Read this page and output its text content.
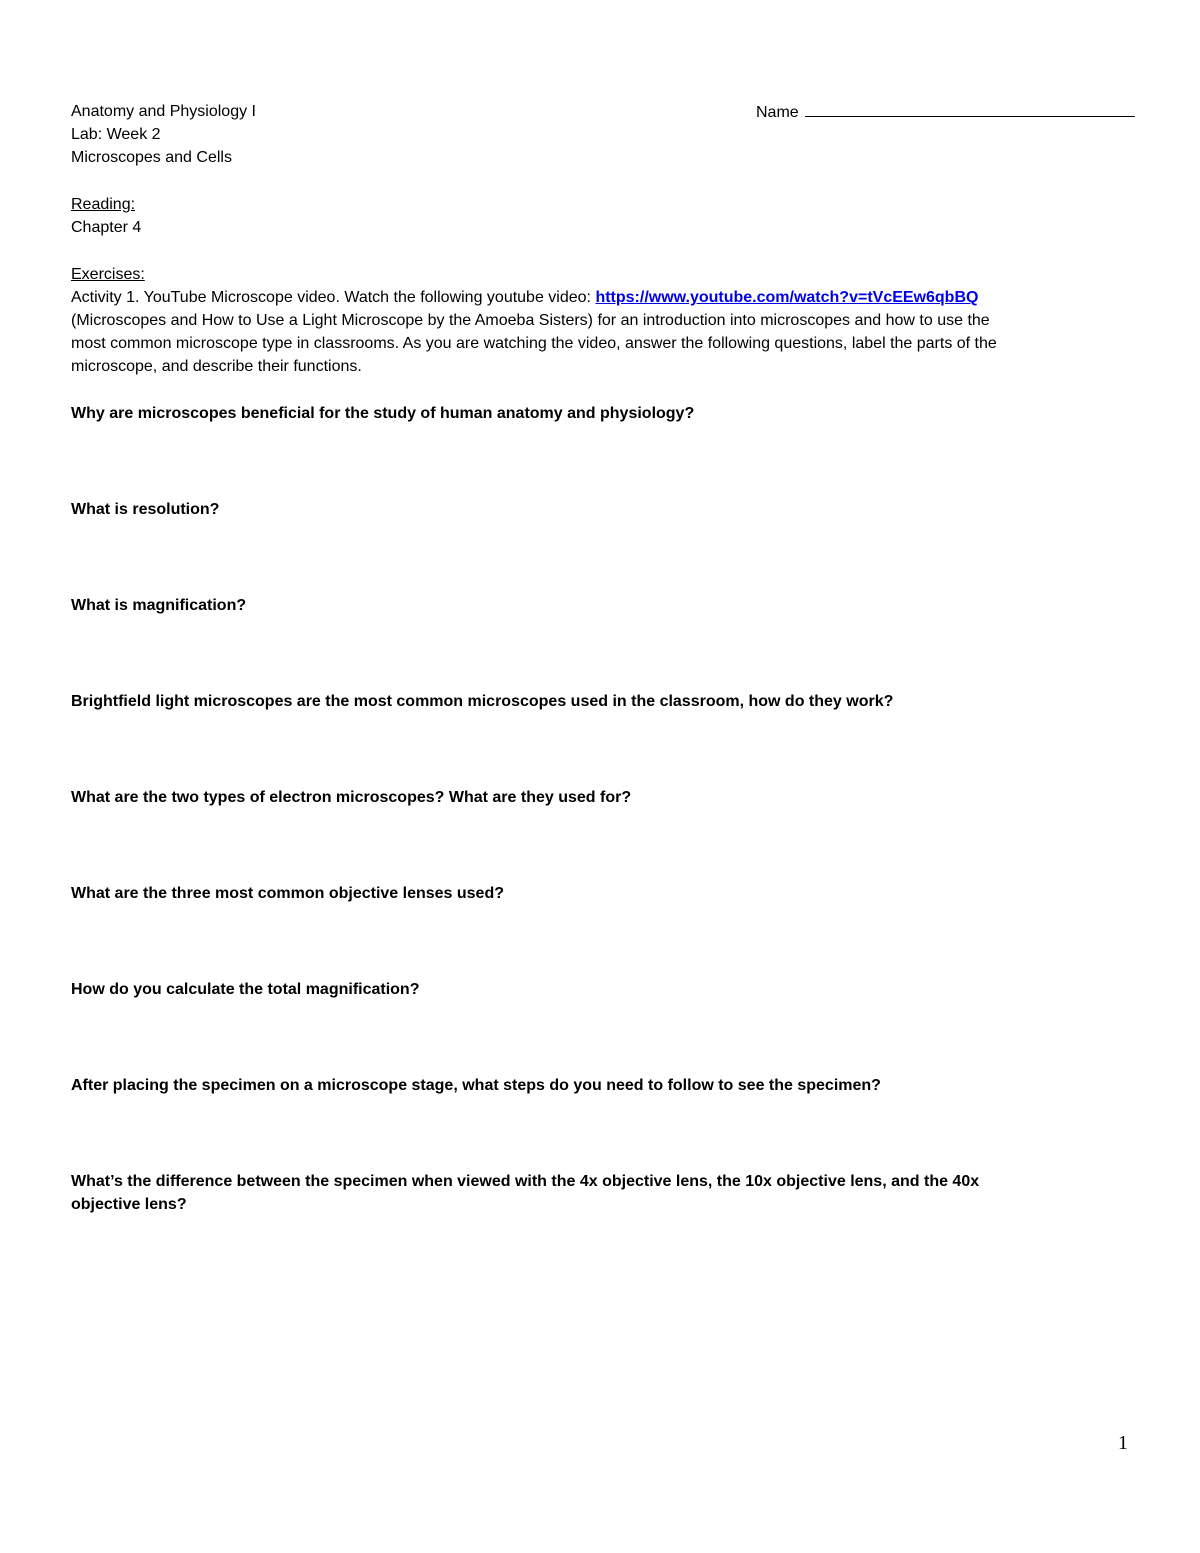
Anatomy and Physiology I	Name
Lab: Week 2
Microscopes and Cells
Reading:
Chapter 4
Exercises:
Activity 1. YouTube Microscope video. Watch the following youtube video: https://www.youtube.com/watch?v=tVcEEw6qbBQ
(Microscopes and How to Use a Light Microscope by the Amoeba Sisters) for an introduction into microscopes and how to use the
most common microscope type in classrooms. As you are watching the video, answer the following questions, label the parts of the
microscope, and describe their functions.

Why are microscopes beneficial for the study of human anatomy and physiology?

What is resolution?

What is magnification?

Brightfield light microscopes are the most common microscopes used in the classroom, how do they work?

What are the two types of electron microscopes? What are they used for?

What are the three most common objective lenses used?

How do you calculate the total magnification?

After placing the specimen on a microscope stage, what steps do you need to follow to see the specimen?

What’s the difference between the specimen when viewed with the 4x objective lens, the 10x objective lens, and the 40x

objective lens?

1
